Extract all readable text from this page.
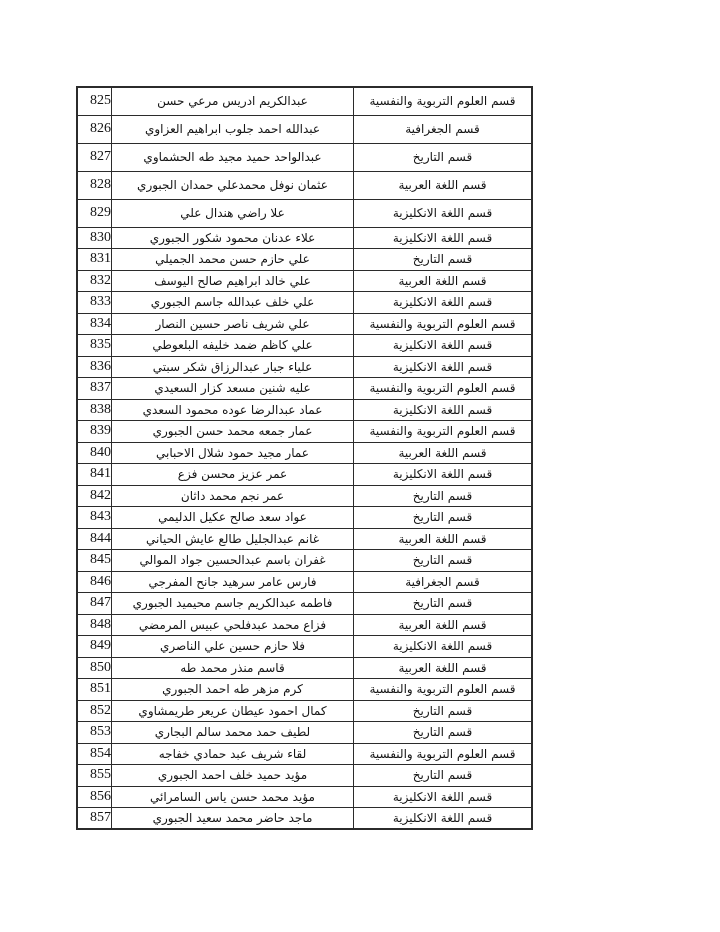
825	عبدالكريم ادريس مرعي حسن	قسم العلوم التربوية والنفسية
826	عبدالله احمد جلوب ابراهيم العزاوي	قسم الجغرافية
827	عبدالواحد حميد مجيد طه الحشماوي	قسم التاريخ
828	عثمان نوفل محمدعلي حمدان الجبوري	قسم اللغة العربية
829	علا راضي هندال علي	قسم اللغة الانكليزية
830	علاء عدنان محمود شكور الجبوري	قسم اللغة الانكليزية
831	علي حازم حسن محمد الجميلي	قسم التاريخ
832	علي خالد ابراهيم صالح اليوسف	قسم اللغة العربية
833	علي خلف عبدالله جاسم الجبوري	قسم اللغة الانكليزية
834	علي شريف ناصر حسين النصار	قسم العلوم التربوية والنفسية
835	علي كاظم ضمد خليفه البلعوطي	قسم اللغة الانكليزية
836	علياء جبار عبدالرزاق شكر سبتي	قسم اللغة الانكليزية
837	عليه شنين مسعد كزار السعيدي	قسم العلوم التربوية والنفسية
838	عماد عبدالرضا عوده محمود السعدي	قسم اللغة الانكليزية
839	عمار جمعه محمد حسن الجبوري	قسم العلوم التربوية والنفسية
840	عمار مجيد حمود شلال الاحبابي	قسم اللغة العربية
841	عمر عزيز محسن فزع	قسم اللغة الانكليزية
842	عمر نجم محمد داثان	قسم التاريخ
843	عواد سعد صالح عكيل الدليمي	قسم التاريخ
844	غانم عبدالجليل طالع عايش الحياني	قسم اللغة العربية
845	غفران باسم عبدالحسين جواد الموالي	قسم التاريخ
846	فارس عامر سرهيد جانح المفرجي	قسم الجغرافية
847	فاطمه عبدالكريم جاسم محيميد الجبوري	قسم التاريخ
848	فزاع محمد عبدفلحي عبيس المرمضي	قسم اللغة العربية
849	فلا حازم حسين علي الناصري	قسم اللغة الانكليزية
850	قاسم منذر محمد طه	قسم اللغة العربية
851	كرم مزهر طه احمد الجبوري	قسم العلوم التربوية والنفسية
852	كمال احمود عيطان عريعر طريمشاوي	قسم التاريخ
853	لطيف حمد محمد سالم البجاري	قسم التاريخ
854	لقاء شريف عبد حمادي خفاجه	قسم العلوم التربوية والنفسية
855	مؤيد حميد خلف احمد الجبوري	قسم التاريخ
856	مؤيد محمد حسن ياس السامرائي	قسم اللغة الانكليزية
857	ماجد حاضر محمد سعيد الجبوري	قسم اللغة الانكليزية
